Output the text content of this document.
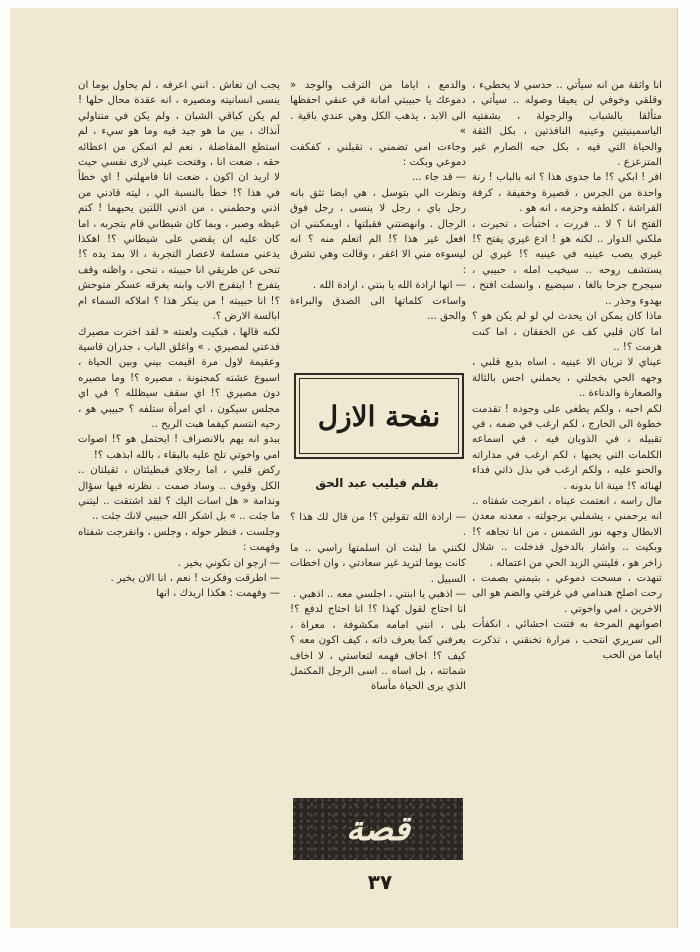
انا واثقة من انه سيأتي .. حدسي لا يخطيء ، وقلقي وخوفي لن يعيقا وصوله .. سيأتي ، متألقا بالشباب والرجولة ، بشفتيه الياسمينيتين وعينيه النافذتين ، بكل الثقة والحياة التي فيه ، بكل حبه الصارم غير المتزعزع .

افر ! ابكي ؟! ما جدوى هذا ؟ انه بالباب ! رنة واحدة من الجرس ، قصيرة وخفيفة ، كرفة الفراشة ، كلطفه وحزمه ، انه هو .

الفتح انا ؟ لا .. فررت ، اختبأت ، تحيرت ، ملكني الدوار .. لكنه هو ! ادع غيري يفتح ؟! غيري يصب عينيه في عينيه ؟! غيري لن يستشف روحه .. سيخيب امله ، حبيبي ، سيجرح جرحا بالغا ، سيضيع ، وانسلت افتح ، بهدوء وحذر ..

ماذا كان يمكن ان يحدث لي لو لم يكن هو ؟ اما كان قلبي كف عن الخفقان ، اما كنت هرمت ؟! ..

عيناي لا تريان الا عينيه ، اساه بديع قلبي ، وجهه الحي بخجلتي ، يحملني احس بالثالة والصغارة والدناءة ..

لكم احبه ، ولكم يطغى على وجوده ! تقدمت خطوة الى الخارج ، لكم ارغب في ضمه ، في تقبيله ، في الذوبان فيه ، في اسماعه الكلمات التي يحبها ، لكم ارغب في مداراته والحنو عليه ، ولكم ارغب في بذل ذاتي فداء لهنائه ؟! مينة انا بدونه .

مال راسه ، انعتمت عيناه ، انفرجت شفتاه .. انه يرحمني ، يشملني برجولته ، معدنه معدن الابطال وجهه نور الشمس ، من انا تجاهه ؟! وبكيت .. واشار بالدخول فدخلت .. شلال زاخر هو ، فليتني الزبد الحي من اعتماله .

تنهدت ، مسحت دموعي ، بتيمني بصمت ، رحت اصلح هندامي في غرفتي والضم هو الى الاخرين ، امي واخوتي .

اصوانهم المرحة به فتنت احشائي ، انكفأت الى سريري انتحب ، مرارة تخنقني ، تذكرت اياما من الحب

والدمع ، اياما من الترقب والوجد « دموعك يا حبيبتي امانة في عنقي احفظها الى الابد ، يذهب الكل وهي عندي باقية . »

وجاءت امي تضمني ، تقبلني ، كفكفت دموعي وبكت :

— قد جاء ...

ونظرت الي بتوسل ، هي ايضا تثق بانه رجل باي ، رجل لا ينسى ، رجل فوق الرجال . وانهضتني فقبلتها ، اويمكنني ان افعل غير هذا ؟! الم اتعلم منه ؟ انه ليسوءه مني الا اغفر ، وقالت وهي تشرق :

— انها ارادة الله يا بنتي ، ارادة الله .

واساءت كلماتها الى الصدق والبراءة والحق ...

نفحة الازل
بقلم فيليب عبد الحق

— ارادة الله تقولين ؟! من قال لك هذا ؟ .

لكنني ما لبثت ان اسلمتها راسي .. ما كانت يوما لتريد غير سعادتي ، وان اخطات السبيل .

— اذهبي يا ابنتي ، اجلسي معه .. اذهبي .

انا احتاج لقول كهذا ؟! انا احتاج لدفع ؟! بلى ، انني امامه مكشوفة ، معراة ، يعرفني كما يعرف ذاته ، كيف اكون معه ؟ كيف ؟! اخاف فهمه لتعاستي ، لا اخاف شماتته ، بل اساه .. اسى الرجل المكتمل الذي يرى الحياة مأساة

قصة

يجب ان تعاش . انني اعرفه ، لم يحاول يوما ان ينسى انسانيته ومصيره ، انه عقدة محال حلها ! لم يكن كباقي الشبان ، ولم يكن في متناولي آنذاك ، بين ما هو جيد فيه وما هو سيء ، لم استطع المفاضلة ، نعم لم اتمكن من اعطائه حقه ، ضعت انا ، وفتحت عيني لارى نفسي حيث لا اريد ان اكون ، ضعت انا فامهلني ! اي خطأ في هذا ؟! خطأ بالنسبة الي ، ليته قادني من اذني وحطمني ، من اذني اللتين يحبهما ! كتم غيظه وصبر ، وبما كان شيطاني قام بتجربه ، اما كان عليه ان يقضي على شيطاني ؟! اهكذا يدعني مسلمة لاعصار التجربة ، الا بمد يده ؟! تنحى عن طريقي انا حبيبته ، تنحى ، واظنه وقف يتفرج ! اينفرج الاب وابنه يغرقه عسكر متوحش ؟! انا حبيبته ! من ينكر هذا ؟ املاكه السماء ام ابالسة الارض ؟.

لكنه قالها ، فبكيت ولعنته « لقد اخترت مصيرك فدعني لمصيري . » واغلق الباب ، جدران قاسية وعقيمة لاول مرة اقيمت بيني وبين الحياة ، اسبوع عشته كمجنونة ، مصيره ؟! وما مصيره دون مصيري ؟! اي سقف سيظلله ؟ في اي مجلس سيكون ، اي امرأة ستلفه ؟ حبيبي هو ، رحيه انتسم كيفما هبت الريح ..

يبدو انه يهم بالانصراف ! ايحتمل هو ؟! اصوات امي واخوتي تلح عليه بالبقاء ، بالله ابذهب ؟!

ركض قلبي ، اما رجلاي فبطيئتان ، ثقيلتان .. الكل وقوف .. وساد صمت . نظرته فيها سؤال وندامة « هل اسات اليك ؟ لقد اشتقت .. ليتني ما جئت .. » بل اشكر الله حبيبي لانك جئت ..

وجلست ، فنظر حوله ، وجلس ، وانفرجت شفتاه وفهمت :

— ارجو ان تكوني بخير .

— اطرقت وفكرت ! نعم ، انا الان بخير .

— وفهمت : هكذا اريدك ، انها

٣٧
